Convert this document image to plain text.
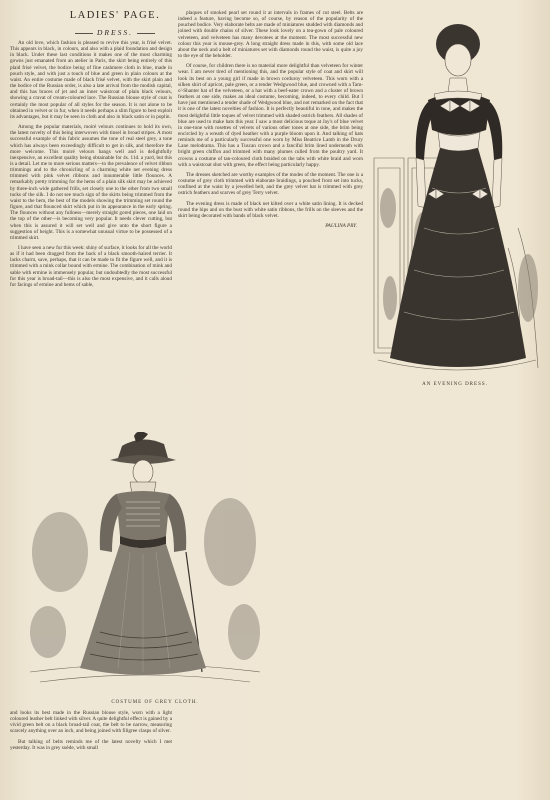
LADIES' PAGE.
DRESS.

An old love, which fashion is pleased to revive this year, is frisé velvet. This appears in black, in colours, and also with a plaid foundation and design in black. Under these last conditions it makes one of the most charming gowns just emanated from an atelier in Paris, the skirt being entirely of this plaid frisé velvet, the bodice being of fine cashmere cloth in blue, made in pouch style, and with just a touch of blue and green in plain colours at the waist. An entire costume made of black frisé velvet, with the skirt plain and the bodice of the Russian order, is also a late arrival from the modish capital, and this has braces of jet and an inner waistcoat of plain black velours, showing a cravat of cream-coloured lace. The Russian blouse style of coat is certainly the most popular of all styles for the season. It is not alone to be obtained in velvet or in fur, when it needs perhaps a slim figure to best exploit its advantages, but it may be seen in cloth and also in black satin or in poplin.

Among the popular materials, moiré velours continues to hold its own, the latest novelty of this being interwoven with tinsel in broad stripes. A most successful example of this fabric assumes the tone of real steel grey, a tone which has always been exceedingly difficult to get in silk, and therefore the more welcome. This moiré velours hangs well and is delightfully inexpensive, an excellent quality being obtainable for 4s. 11d. a yard, but this is a detail. Let me to more serious matters—to the prevalence of velvet ribbon trimmings and to the chronicling of a charming white net evening dress trimmed with pink velvet ribbons and innumerable little flounces. A remarkably pretty trimming for the hems of a plain silk skirt may be achieved by three-inch wide gathered frills, set closely one to the other from two small tucks of the silk. I do not see much sign of the skirts being trimmed from the waist to the hem, the best of the models showing the trimming set round the figure, and that flounced skirt which put in its appearance in the early spring. The flounces without any fullness—merely straight gored pieces, one laid on the top of the other—is becoming very popular. It needs clever cutting, but when this is assured it will set well and give unto the short figure a suggestion of height. This is a somewhat unusual virtue to be possessed of a trimmed skirt.

I have seen a new fur this week: shiny of surface, it looks for all the world as if it had been dragged from the back of a black smooth-haired terrier. It lacks charm, save, perhaps, that it can be made to fit the figure well, and it is trimmed with a mink collar bound with ermine. The combination of mink and sable with ermine is immensely popular, but undoubtedly the most successful for this year is broad-tail—this is also the most expensive, and it calls aloud for facings of ermine and hems of sable,

plaques of smoked pearl set round it at intervals in frames of cut steel. Belts are indeed a feature, having become so, of course, by reason of the popularity of the pouched bodice. Very elaborate belts are made of miniatures studded with diamonds and joined with double chains of silver. These look lovely on a tea-gown of pale coloured velveteen, and velveteen has many devotees at the moment. The most successful new colour this year is mouse-grey. A long straight dress made in this, with some old lace about the neck and a belt of miniatures set with diamonds round the waist, is quite a joy to the eye of the beholder.

Of course, for children there is no material more delightful than velveteen for winter wear. I am never tired of mentioning this, and the popular style of coat and skirt will look its best on a young girl if made in brown corduroy velveteen. This worn with a silken shirt of apricot, pale green, or a tender Wedgwood blue, and crowned with a Tam-o'-Shanter hat of the velveteen, or a hat with a beef-eater crown and a cluster of brown feathers at one side, makes an ideal costume, becoming, indeed, to every child. But I have just mentioned a tender shade of Wedgwood blue, and not remarked on the fact that it is one of the latest novelties of fashion. It is perfectly beautiful in tone, and makes the most delightful little toques of velvet trimmed with shaded ostrich feathers. All shades of blue are used to make hats this year. I saw a most delicious toque at Jay's of blue velvet in one-tone with rosettes of velvets of various other tones at one side, the brim being encircled by a wreath of dyed heather with a purple bloom upon it. And talking of hats reminds me of a particularly successful one worn by Miss Beatrice Lamb in the Drury Lane melodrama. This has a Tuscan crown and a fanciful brim lined underneath with bright green chiffon and trimmed with many plumes culled from the poultry yard. It crowns a costume of tan-coloured cloth braided on the tabs with white braid and worn with a waistcoat shot with green, the effect being particularly happy.

The dresses sketched are worthy examples of the modes of the moment. The one is a costume of grey cloth trimmed with elaborate braidings, a pouched front set into tucks, confined at the waist by a jewelled belt, and the grey velvet hat is trimmed with grey ostrich feathers and scarves of grey Terry velvet.

The evening dress is made of black net kilted over a white satin lining. It is decked round the hips and on the bust with white satin ribbons, the frills on the sleeves and the skirt being decorated with bands of black velvet.

PAULINA PRY.
AN EVENING DRESS.
COSTUME OF GREY CLOTH.

and looks its best made in the Russian blouse style, worn with a light coloured leather belt linked with silver. A quite delightful effect is gained by a vivid green belt on a black broad-tail coat, the belt to be narrow, measuring scarcely anything over an inch, and being joined with filigree clasps of silver.

But talking of belts reminds me of the latest novelty which I met yesterday. It was in grey suède, with small
